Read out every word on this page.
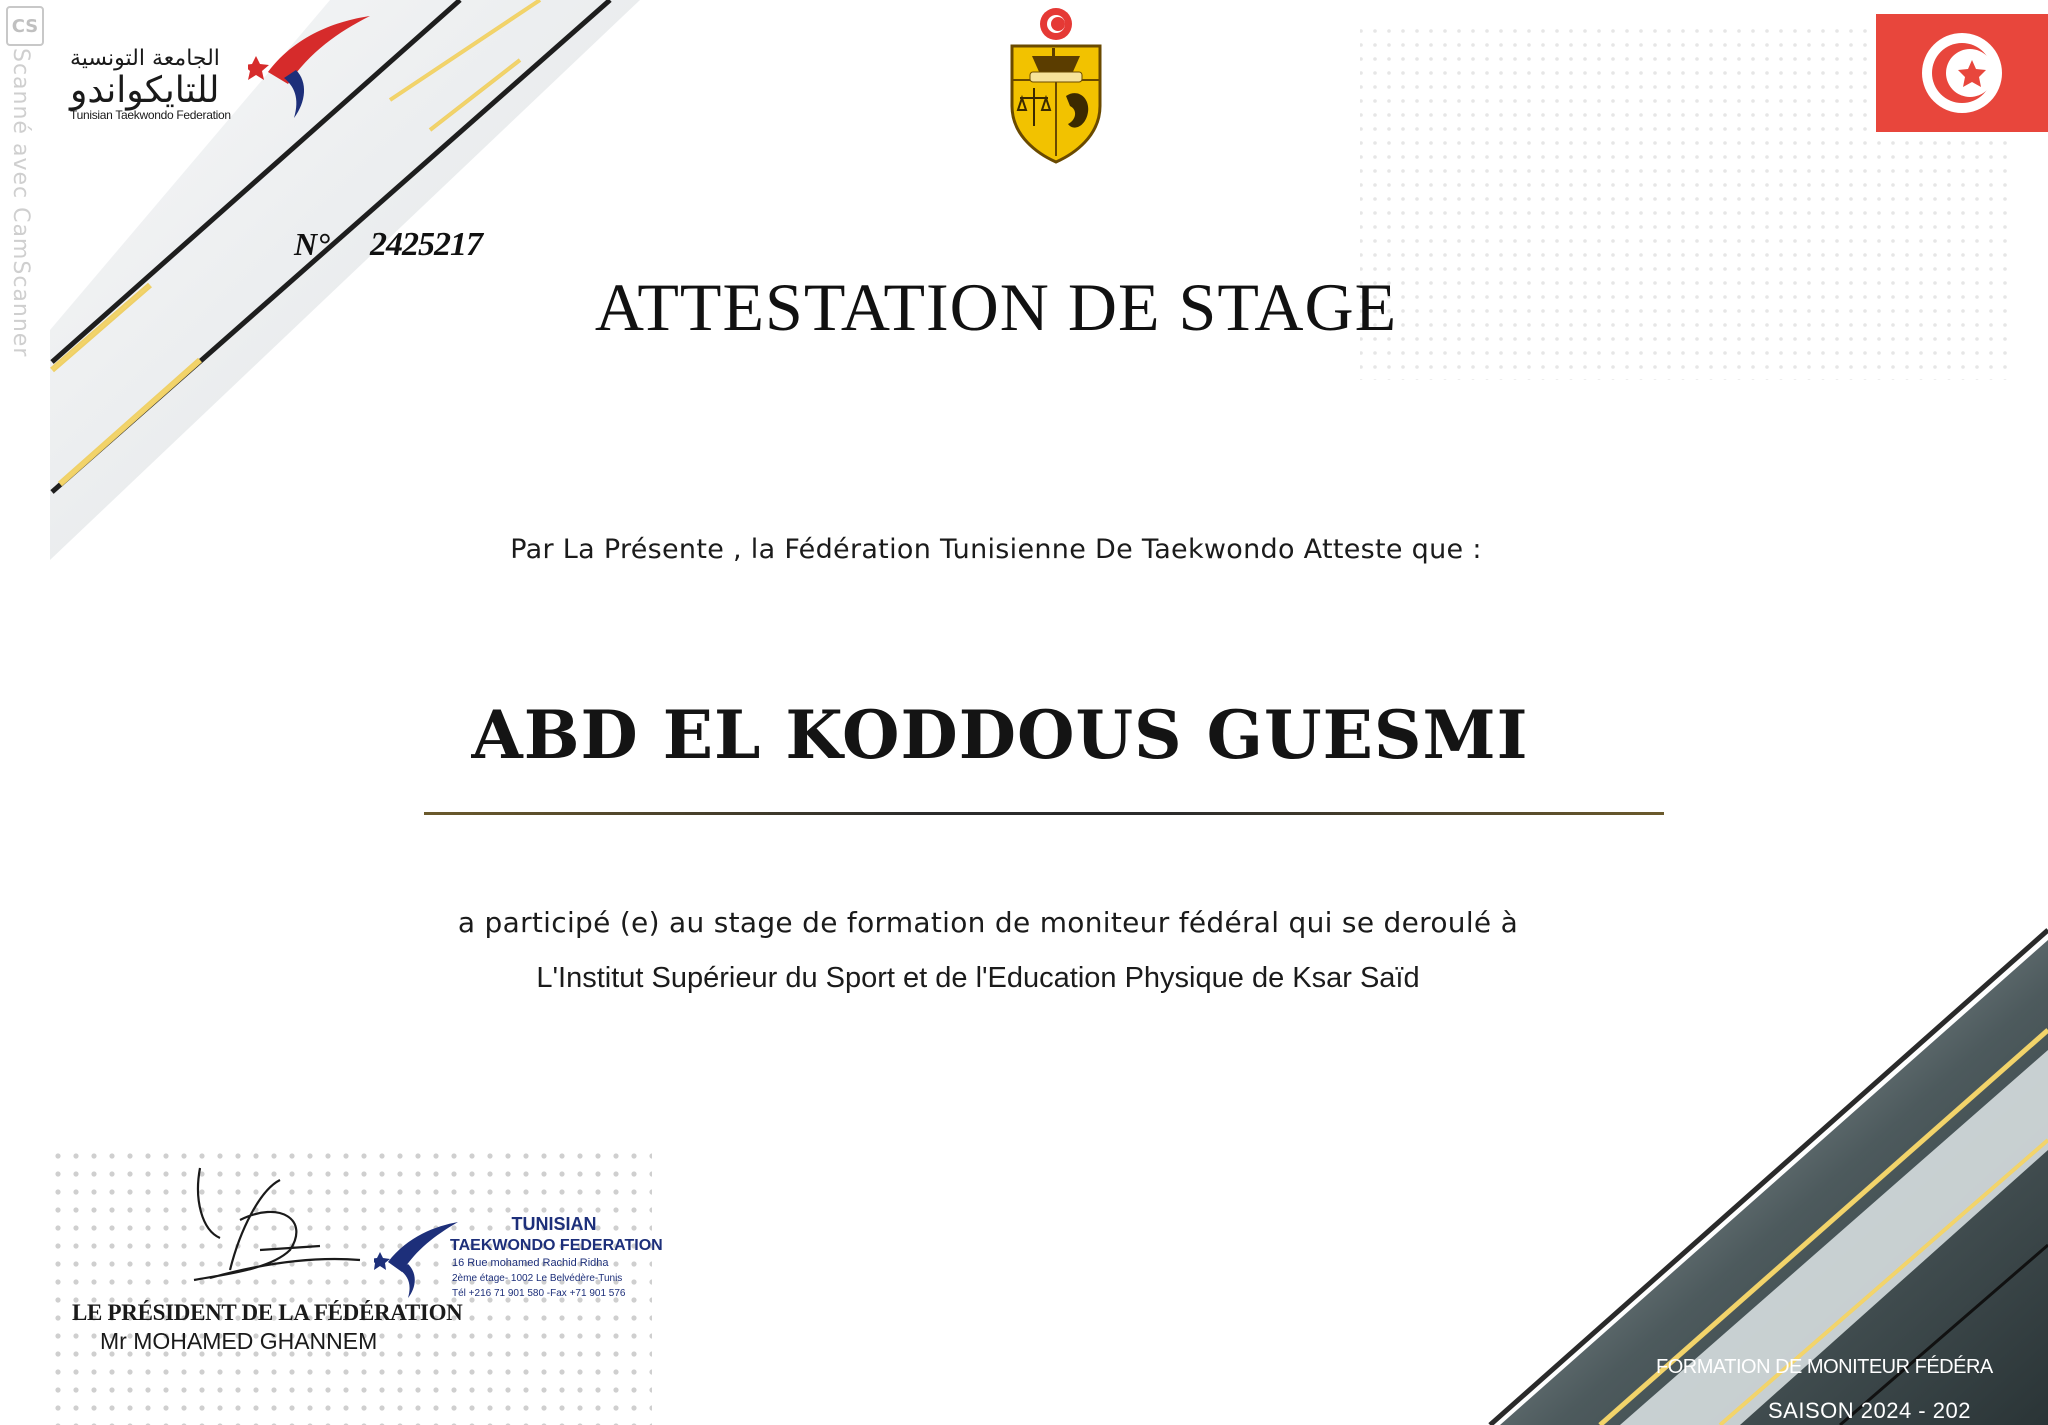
CS
Scanné avec CamScanner الجامعة التونسية
للتايكواندو
Tunisian Taekwondo Federation
N° 2425217
ATTESTATION DE STAGE
Par La Présente , la Fédération Tunisienne De Taekwondo Atteste que :
ABD EL KODDOUS GUESMI
a participé (e) au stage de formation de moniteur fédéral qui se deroulé à
L'Institut Supérieur du Sport et de l'Education Physique de Ksar Saïd
LE PRÉSIDENT DE LA FÉDÉRATION
Mr MOHAMED GHANNEM
TUNISIAN
TAEKWONDO FEDERATION
16 Rue mohamed Rachid Ridha
2ème étage- 1002 Le Belvédère-Tunis
Tél +216 71 901 580 -Fax +71 901 576
FORMATION DE MONITEUR FÉDÉRA
SAISON 2024 - 202
